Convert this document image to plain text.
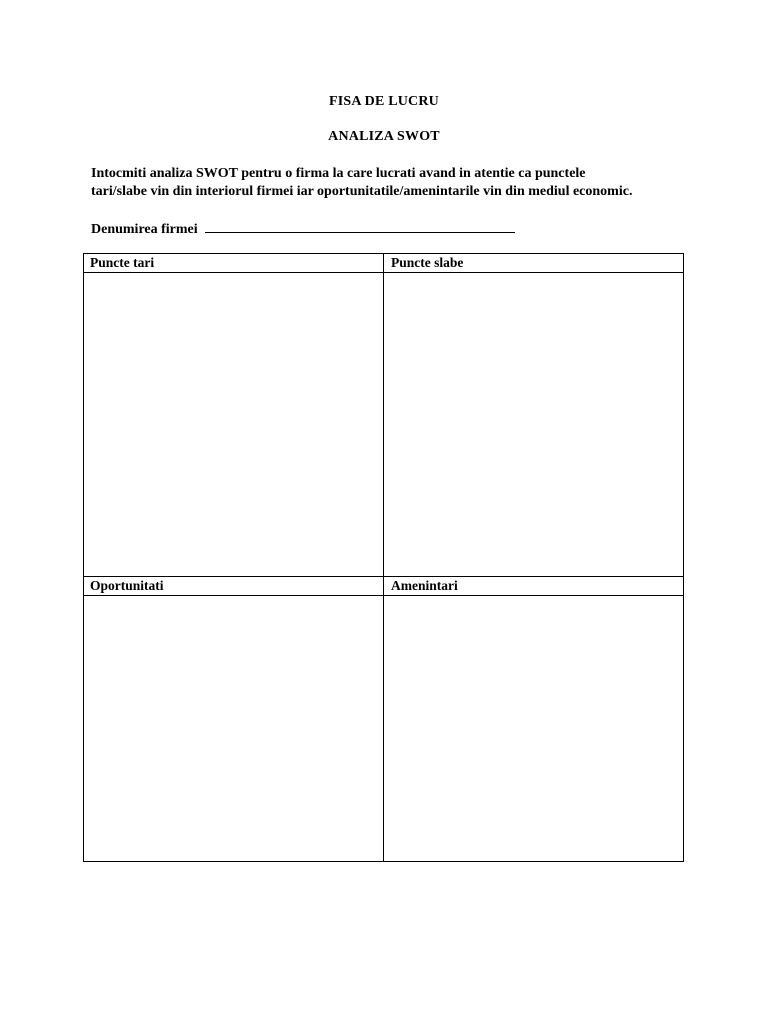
FISA DE LUCRU
ANALIZA SWOT
Intocmiti analiza SWOT pentru o firma la care lucrati avand in atentie ca punctele
tari/slabe vin din interiorul firmei iar oportunitatile/amenintarile vin din mediul economic.
Denumirea firmei
Puncte tari	Puncte slabe
Oportunitati	Amenintari
